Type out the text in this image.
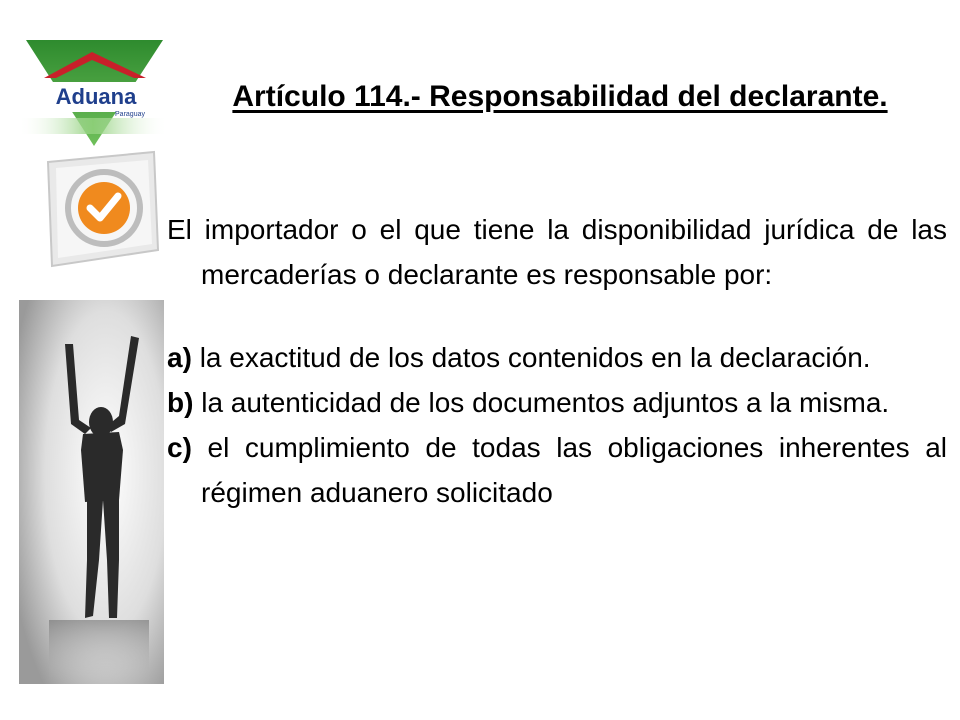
Aduana
Paraguay
Artículo 114.- Responsabilidad del declarante.

El importador o el que tiene la disponibilidad jurídica de las mercaderías o declarante es responsable por:

a) la exactitud de los datos contenidos en la declaración.

b) la autenticidad de los documentos adjuntos a la misma.

c) el cumplimiento de todas las obligaciones inherentes al régimen aduanero solicitado
